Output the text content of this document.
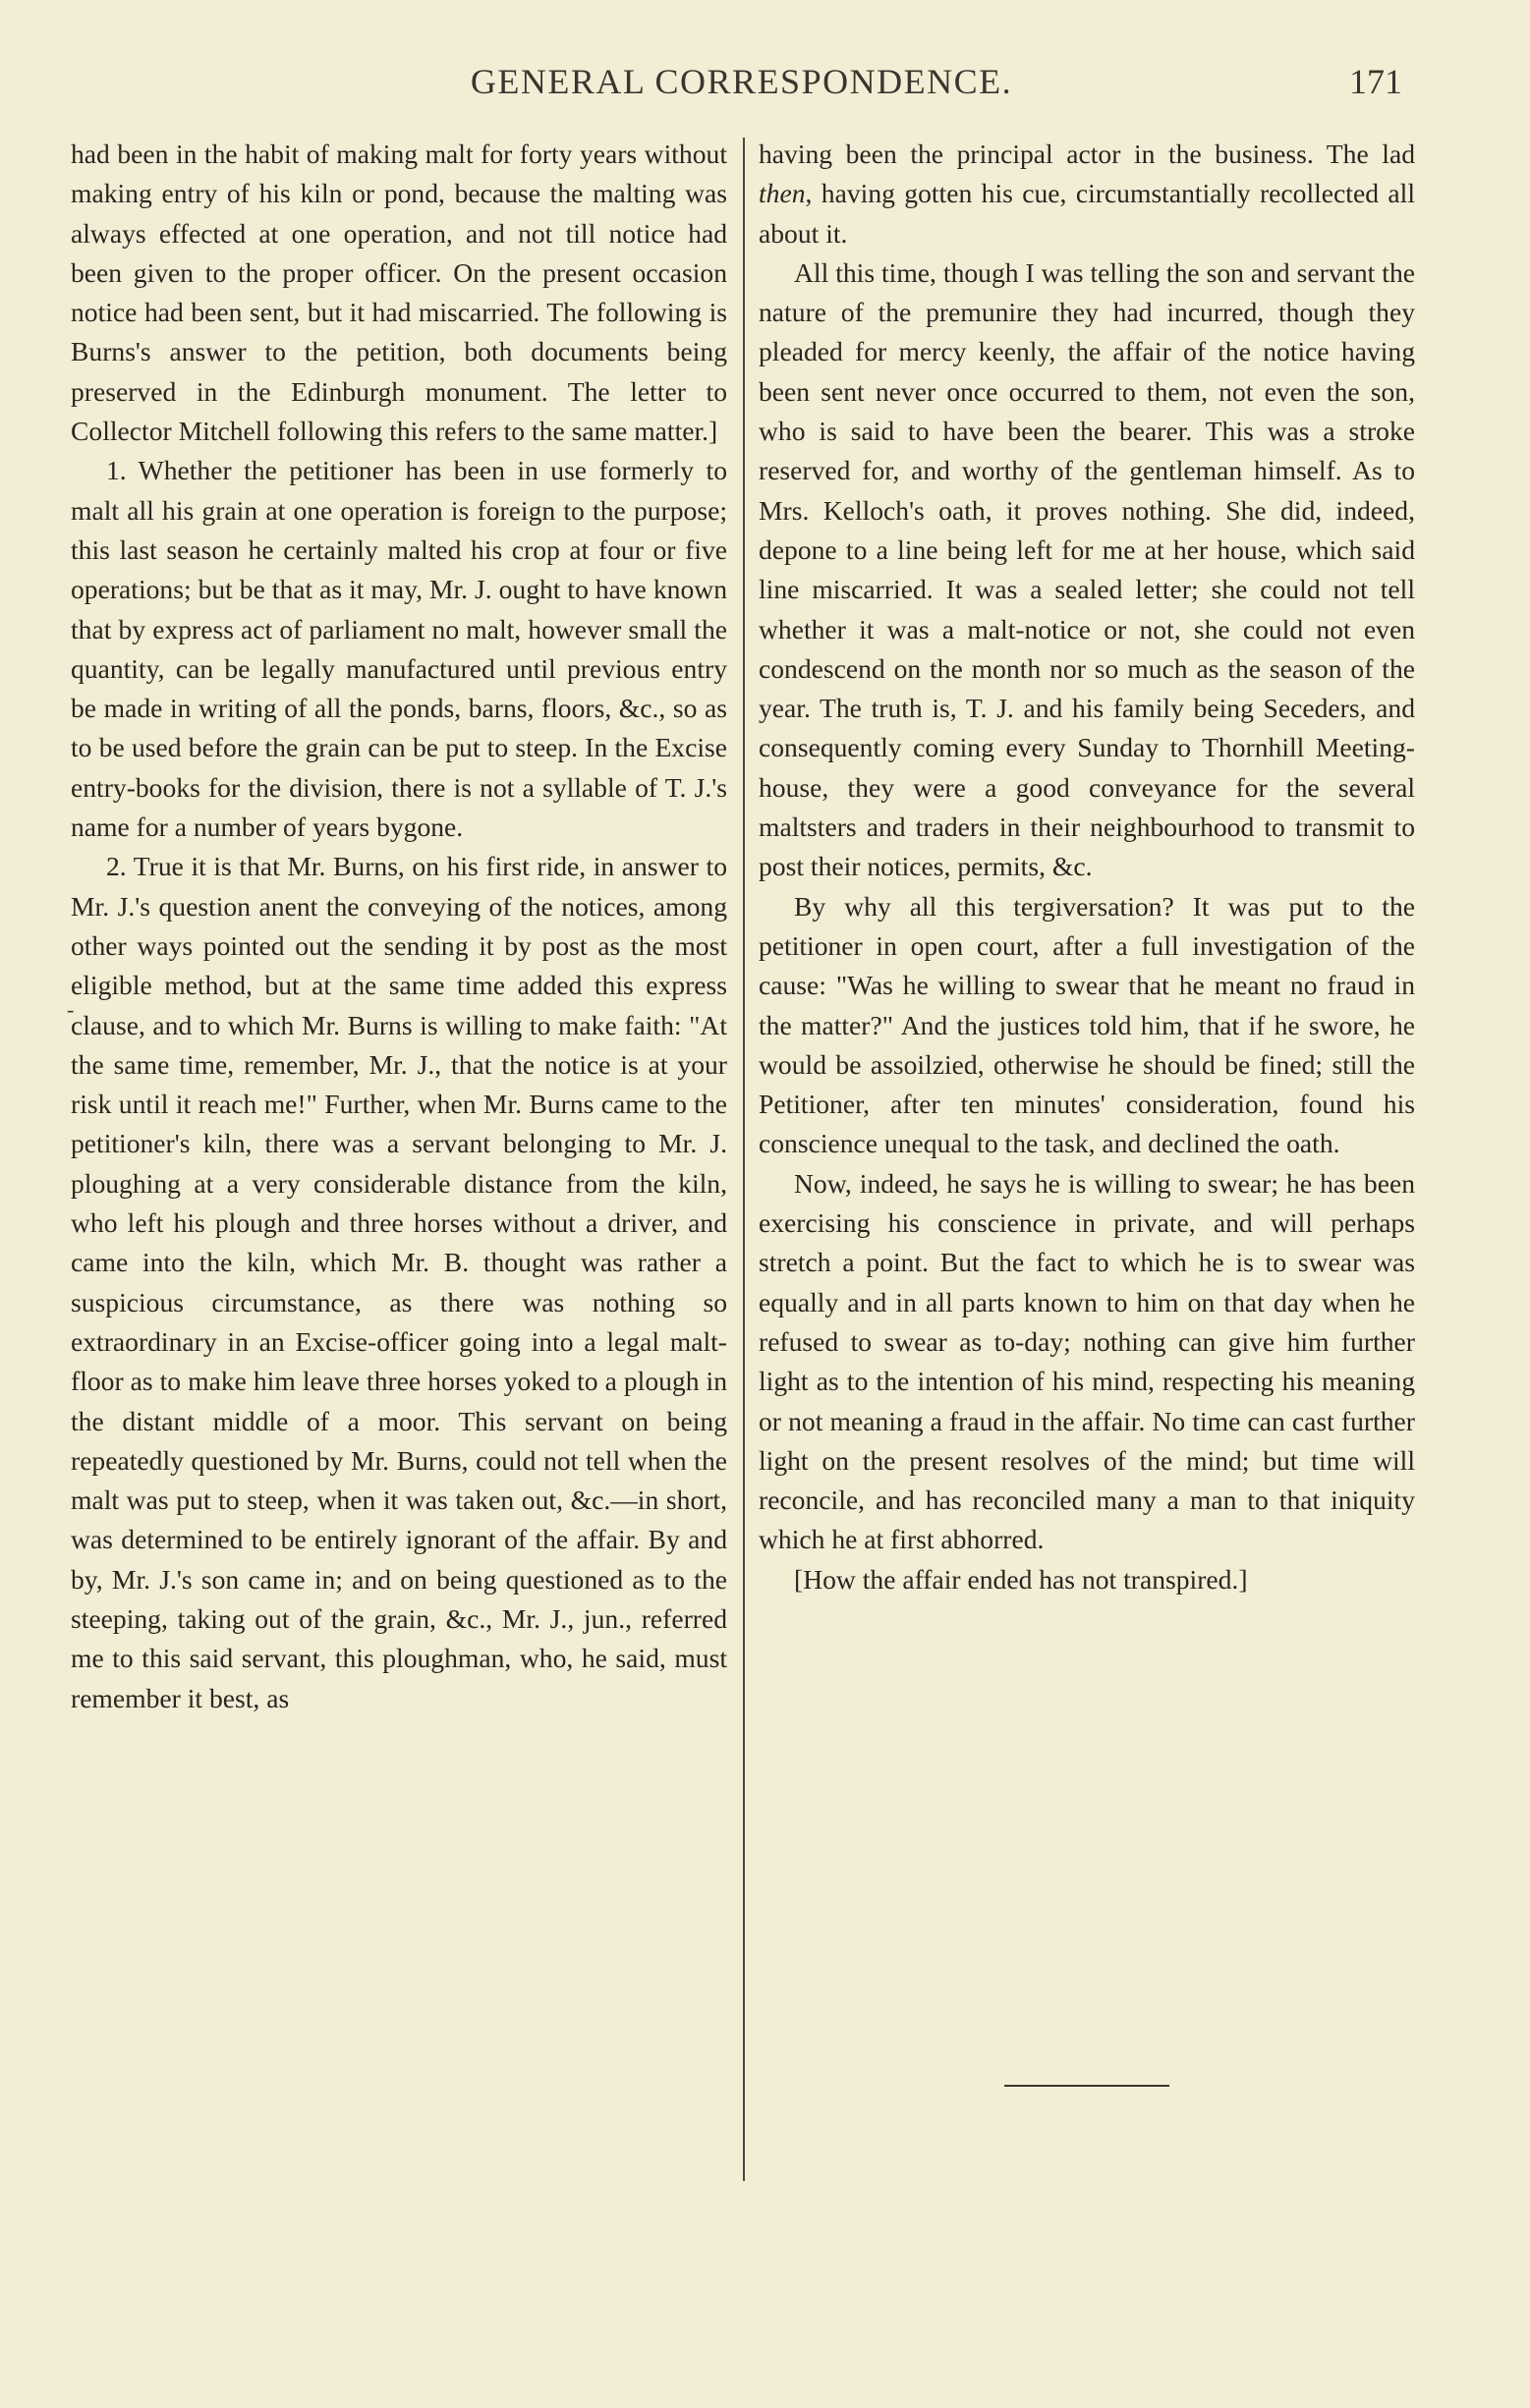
GENERAL CORRESPONDENCE.	171
-

had been in the habit of making malt for forty years without making entry of his kiln or pond, because the malting was always effected at one operation, and not till notice had been given to the proper officer. On the present occasion notice had been sent, but it had miscarried. The following is Burns's answer to the petition, both documents being preserved in the Edinburgh monument. The letter to Collector Mitchell following this refers to the same matter.]

1. Whether the petitioner has been in use formerly to malt all his grain at one operation is foreign to the purpose; this last season he certainly malted his crop at four or five operations; but be that as it may, Mr. J. ought to have known that by express act of parliament no malt, however small the quantity, can be legally manufactured until previous entry be made in writing of all the ponds, barns, floors, &c., so as to be used before the grain can be put to steep. In the Excise entry-books for the division, there is not a syllable of T. J.'s name for a number of years bygone.

2. True it is that Mr. Burns, on his first ride, in answer to Mr. J.'s question anent the conveying of the notices, among other ways pointed out the sending it by post as the most eligible method, but at the same time added this express clause, and to which Mr. Burns is willing to make faith: "At the same time, remember, Mr. J., that the notice is at your risk until it reach me!" Further, when Mr. Burns came to the petitioner's kiln, there was a servant belonging to Mr. J. ploughing at a very considerable distance from the kiln, who left his plough and three horses without a driver, and came into the kiln, which Mr. B. thought was rather a suspicious circumstance, as there was nothing so extraordinary in an Excise-officer going into a legal malt-floor as to make him leave three horses yoked to a plough in the distant middle of a moor. This servant on being repeatedly questioned by Mr. Burns, could not tell when the malt was put to steep, when it was taken out, &c.—in short, was determined to be entirely ignorant of the affair. By and by, Mr. J.'s son came in; and on being questioned as to the steeping, taking out of the grain, &c., Mr. J., jun., referred me to this said servant, this ploughman, who, he said, must remember it best, as

having been the principal actor in the business. The lad then, having gotten his cue, circumstantially recollected all about it.

All this time, though I was telling the son and servant the nature of the premunire they had incurred, though they pleaded for mercy keenly, the affair of the notice having been sent never once occurred to them, not even the son, who is said to have been the bearer. This was a stroke reserved for, and worthy of the gentleman himself. As to Mrs. Kelloch's oath, it proves nothing. She did, indeed, depone to a line being left for me at her house, which said line miscarried. It was a sealed letter; she could not tell whether it was a malt-notice or not, she could not even condescend on the month nor so much as the season of the year. The truth is, T. J. and his family being Seceders, and consequently coming every Sunday to Thornhill Meeting-house, they were a good conveyance for the several maltsters and traders in their neighbourhood to transmit to post their notices, permits, &c.

By why all this tergiversation? It was put to the petitioner in open court, after a full investigation of the cause: "Was he willing to swear that he meant no fraud in the matter?" And the justices told him, that if he swore, he would be assoilzied, otherwise he should be fined; still the Petitioner, after ten minutes' consideration, found his conscience unequal to the task, and declined the oath.

Now, indeed, he says he is willing to swear; he has been exercising his conscience in private, and will perhaps stretch a point. But the fact to which he is to swear was equally and in all parts known to him on that day when he refused to swear as to-day; nothing can give him further light as to the intention of his mind, respecting his meaning or not meaning a fraud in the affair. No time can cast further light on the present resolves of the mind; but time will reconcile, and has reconciled many a man to that iniquity which he at first abhorred.

[How the affair ended has not transpired.]
